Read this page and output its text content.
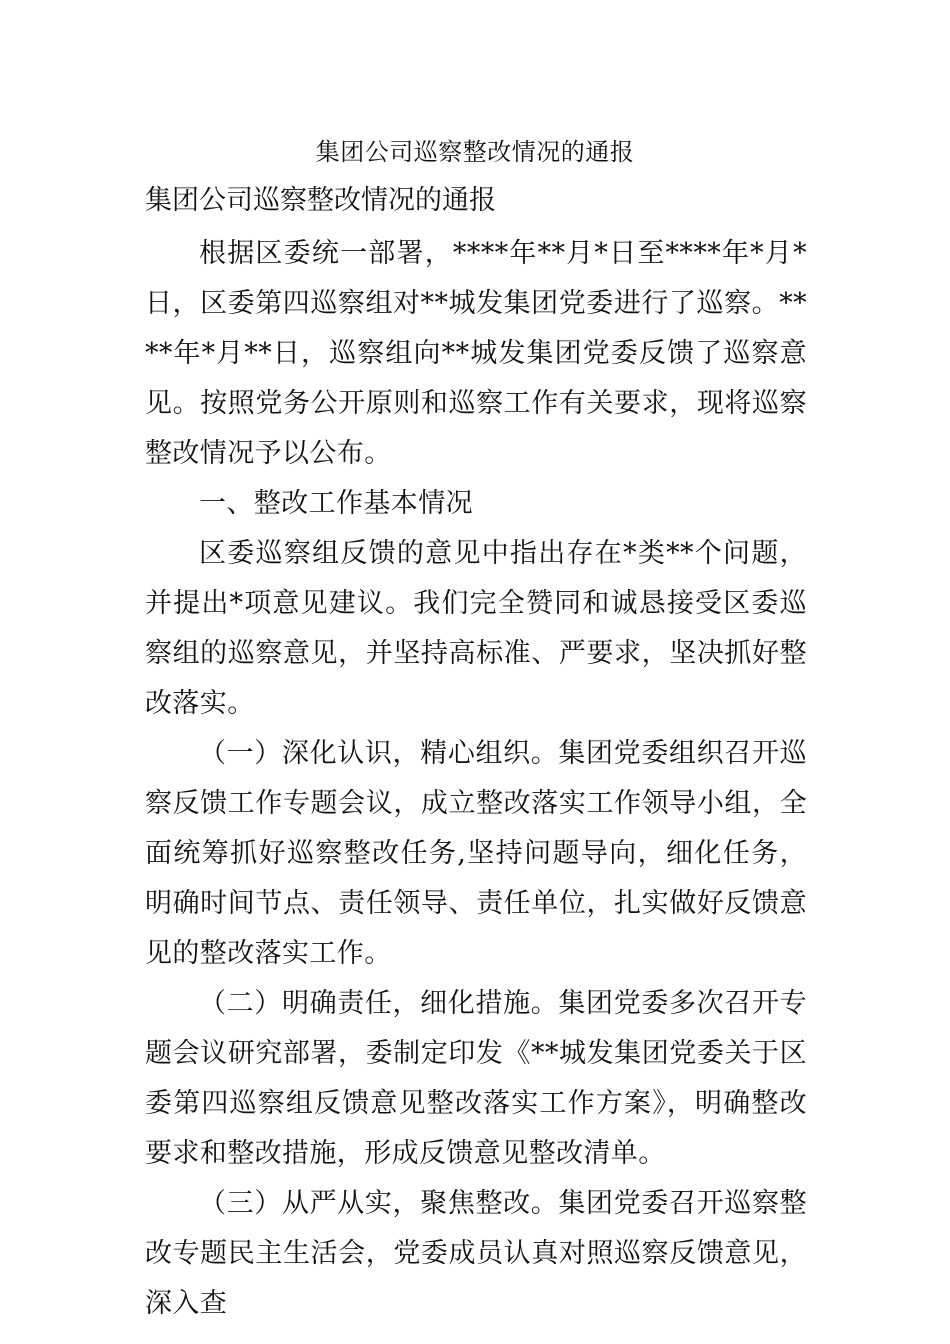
集团公司巡察整改情况的通报
集团公司巡察整改情况的通报

根据区委统一部署，****年**月*日至****年*月*日，区委第四巡察组对**城发集团党委进行了巡察。****年*月**日，巡察组向**城发集团党委反馈了巡察意见。按照党务公开原则和巡察工作有关要求，现将巡察整改情况予以公布。

一、整改工作基本情况

区委巡察组反馈的意见中指出存在*类**个问题，并提出*项意见建议。我们完全赞同和诚恳接受区委巡察组的巡察意见，并坚持高标准、严要求，坚决抓好整改落实。

（一）深化认识，精心组织。集团党委组织召开巡察反馈工作专题会议，成立整改落实工作领导小组，全面统筹抓好巡察整改任务,坚持问题导向，细化任务，明确时间节点、责任领导、责任单位，扎实做好反馈意见的整改落实工作。

（二）明确责任，细化措施。集团党委多次召开专题会议研究部署，委制定印发《**城发集团党委关于区委第四巡察组反馈意见整改落实工作方案》，明确整改要求和整改措施，形成反馈意见整改清单。

（三）从严从实，聚焦整改。集团党委召开巡察整改专题民主生活会，党委成员认真对照巡察反馈意见，深入查
